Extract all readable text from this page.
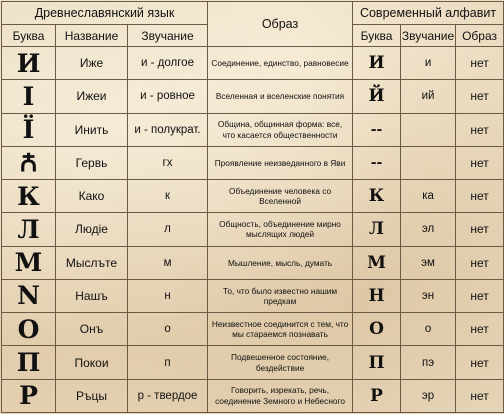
Древнеславянский язык			Образ	Современный алфавит		
Буква	Название	Звучание		Буква	Звучание	Образ
И	Иже	и - долгое	Соединение, единство, равновесие	И	и	нет
І	Ижеи	и - ровное	Вселенная и вселенские понятия	Й	ий	нет
Ї	Инить	и - полукрат.	Община, общинная форма: все, что касается общественности	--		нет
Ꙉ	Гервь	гх	Проявление неизведанного в Яви	--		нет
К	Како	к	Объединение человека со Вселенной	К	ка	нет
Л	Людіе	л	Общность, объединение мирно мыслящих людей	Л	эл	нет
М	Мыслъте	м	Мышление, мысль, думать	М	эм	нет
N	Нашъ	н	То, что было известно нашим предкам	Н	эн	нет
О	Онъ	о	Неизвестное соединится с тем, что мы стараемся познавать	О	о	нет
П	Покои	п	Подвешенное состояние, бездействие	П	пэ	нет
Р	Ръцы	р - твердое	Говорить, изрекать, речь, соединение Земного и Небесного	Р	эр	нет
